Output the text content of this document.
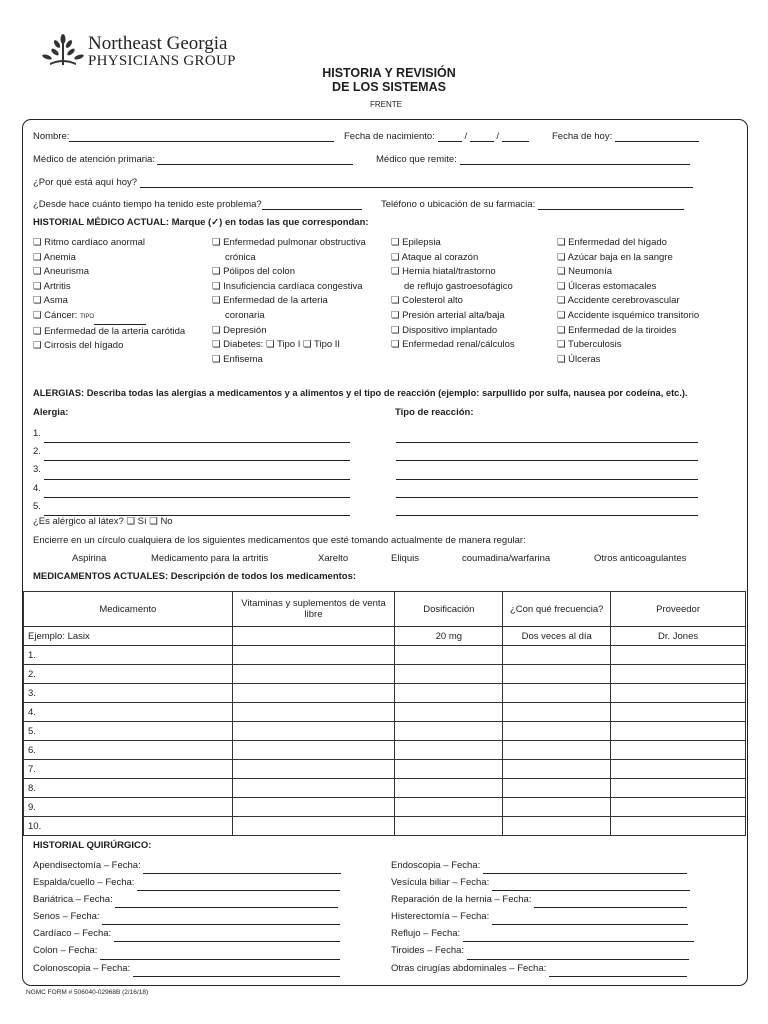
Northeast Georgia
PHYSICIANS GROUP
HISTORIA Y REVISIÓN
DE LOS SISTEMAS
FRENTE
Nombre:	Fecha de nacimiento:	/	/	Fecha de hoy:
Médico de atención primaria:	Médico que remite:
¿Por qué está aquí hoy?
¿Desde hace cuánto tiempo ha tenido este problema?	Teléfono o ubicación de su farmacia:
HISTORIAL MÉDICO ACTUAL: Marque (✓) en todas las que correspondan:
❏ Ritmo cardíaco anormal
❏ Anemia
❏ Aneurisma
❏ Artritis
❏ Asma
❏ Cáncer: TIPO
❏ Enfermedad de la arteria carótida
❏ Cirrosis del hígado
❏ Enfermedad pulmonar obstructiva
crónica
❏ Pólipos del colon
❏ Insuficiencia cardíaca congestiva
❏ Enfermedad de la arteria
coronaria
❏ Depresión
❏ Diabetes: ❏ Tipo I ❏ Tipo II
❏ Enfisema
❏ Epilepsia
❏ Ataque al corazón
❏ Hernia hiatal/trastorno
de reflujo gastroesofágico
❏ Colesterol alto
❏ Presión arterial alta/baja
❏ Dispositivo implantado
❏ Enfermedad renal/cálculos
❏ Enfermedad del hígado
❏ Azúcar baja en la sangre
❏ Neumonía
❏ Úlceras estomacales
❏ Accidente cerebrovascular
❏ Accidente isquémico transitorio
❏ Enfermedad de la tiroides
❏ Tuberculosis
❏ Úlceras
ALERGIAS: Describa todas las alergias a medicamentos y a alimentos y el tipo de reacción (ejemplo: sarpullido por sulfa, nausea por codeína, etc.).
Alergia:	Tipo de reacción:
1.
2.
3.
4.
5.
¿Es alérgico al látex? ❏ Sí ❏ No
Encierre en un círculo cualquiera de los siguientes medicamentos que esté tomando actualmente de manera regular:
Aspirina	Medicamento para la artritis	Xarelto	Eliquis	coumadina/warfarina	Otros anticoagulantes
MEDICAMENTOS ACTUALES: Descripción de todos los medicamentos:
Medicamento	Vitaminas y suplementos de venta libre	Dosificación	¿Con qué frecuencia?	Proveedor
Ejemplo: Lasix		20 mg	Dos veces al día	Dr. Jones
1.				
2.				
3.				
4.				
5.				
6.				
7.				
8.				
9.				
10.				
HISTORIAL QUIRÚRGICO:
Apendisectomía – Fecha:
Espalda/cuello – Fecha:
Bariátrica – Fecha:
Senos – Fecha:
Cardíaco – Fecha:
Colon – Fecha:
Colonoscopia – Fecha:
Endoscopia – Fecha:
Vesícula biliar – Fecha:
Reparación de la hernia – Fecha:
Histerectomía – Fecha:
Reflujo – Fecha:
Tiroides – Fecha:
Otras cirugías abdominales – Fecha:
NGMC FORM # 506040-02968B (2/16/18)
